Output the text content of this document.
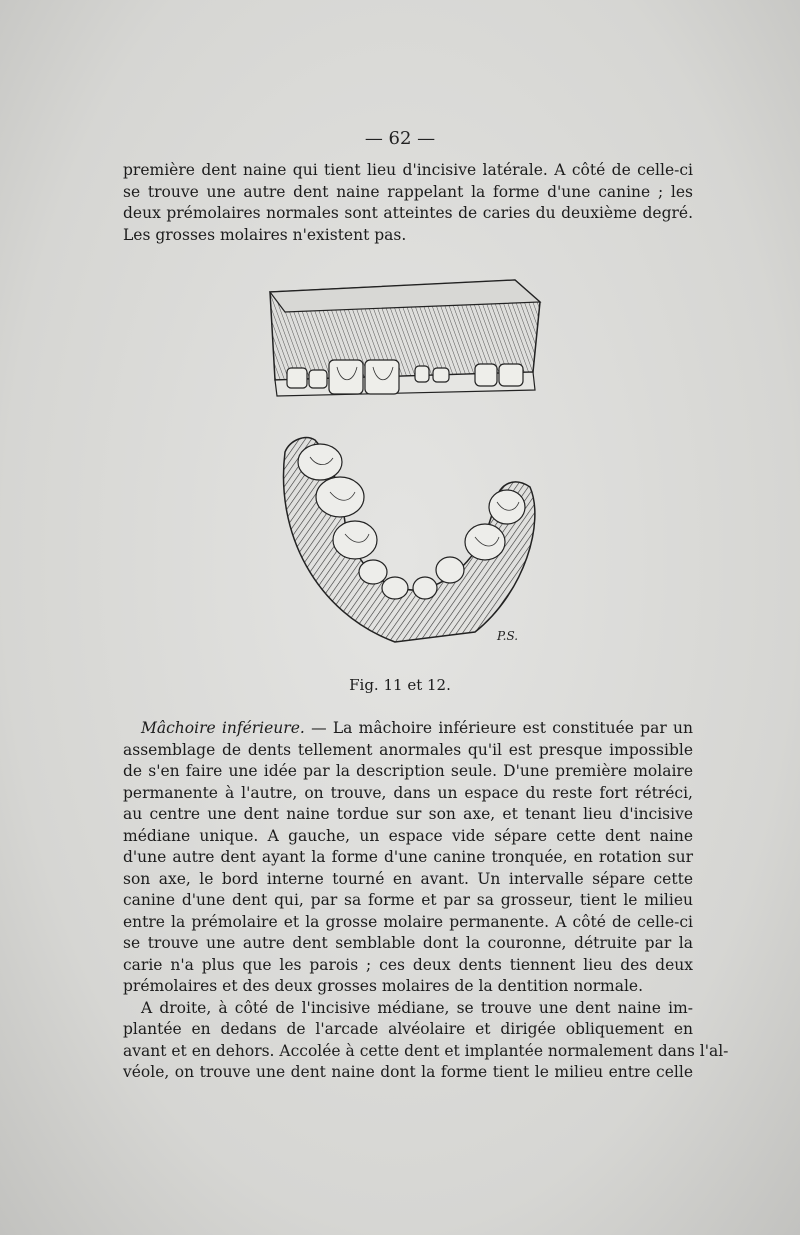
— 62 —
première dent naine qui tient lieu d'incisive latérale. A côté de celle-ci
se trouve une autre dent naine rappelant la forme d'une canine ; les
deux prémolaires normales sont atteintes de caries du deuxième degré.
Les grosses molaires n'existent pas.
P.S.
Fig. 11 et 12.
Mâchoire inférieure. — La mâchoire inférieure est constituée par un
assemblage de dents tellement anormales qu'il est presque impossible
de s'en faire une idée par la description seule. D'une première molaire
permanente à l'autre, on trouve, dans un espace du reste fort rétréci,
au centre une dent naine tordue sur son axe, et tenant lieu d'incisive
médiane unique. A gauche, un espace vide sépare cette dent naine
d'une autre dent ayant la forme d'une canine tronquée, en rotation sur
son axe, le bord interne tourné en avant. Un intervalle sépare cette
canine d'une dent qui, par sa forme et par sa grosseur, tient le milieu
entre la prémolaire et la grosse molaire permanente. A côté de celle-ci
se trouve une autre dent semblable dont la couronne, détruite par la
carie n'a plus que les parois ; ces deux dents tiennent lieu des deux
prémolaires et des deux grosses molaires de la dentition normale.
A droite, à côté de l'incisive médiane, se trouve une dent naine im-
plantée en dedans de l'arcade alvéolaire et dirigée obliquement en
avant et en dehors. Accolée à cette dent et implantée normalement dans l'al-
véole, on trouve une dent naine dont la forme tient le milieu entre celle
